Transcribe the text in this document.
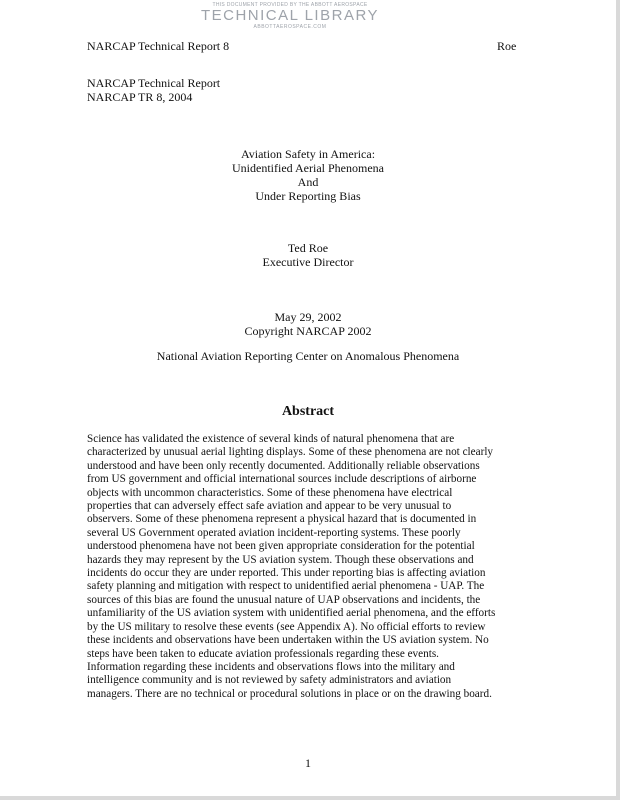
THIS DOCUMENT PROVIDED BY THE ABBOTT AEROSPACE
TECHNICAL LIBRARY
ABBOTTAEROSPACE.COM
NARCAP Technical Report 8	Roe
NARCAP Technical Report
NARCAP TR 8, 2004
Aviation Safety in America:
Unidentified Aerial Phenomena
And
Under Reporting Bias
Ted Roe
Executive Director
May 29, 2002
Copyright NARCAP 2002
National Aviation Reporting Center on Anomalous Phenomena
Abstract
Science has validated the existence of several kinds of natural phenomena that are
characterized by unusual aerial lighting displays. Some of these phenomena are not clearly
understood and have been only recently documented. Additionally reliable observations
from US government and official international sources include descriptions of airborne
objects with uncommon characteristics. Some of these phenomena have electrical
properties that can adversely effect safe aviation and appear to be very unusual to
observers. Some of these phenomena represent a physical hazard that is documented in
several US Government operated aviation incident-reporting systems. These poorly
understood phenomena have not been given appropriate consideration for the potential
hazards they may represent by the US aviation system. Though these observations and
incidents do occur they are under reported. This under reporting bias is affecting aviation
safety planning and mitigation with respect to unidentified aerial phenomena - UAP. The
sources of this bias are found the unusual nature of UAP observations and incidents, the
unfamiliarity of the US aviation system with unidentified aerial phenomena, and the efforts
by the US military to resolve these events (see Appendix A). No official efforts to review
these incidents and observations have been undertaken within the US aviation system. No
steps have been taken to educate aviation professionals regarding these events.
Information regarding these incidents and observations flows into the military and
intelligence community and is not reviewed by safety administrators and aviation
managers. There are no technical or procedural solutions in place or on the drawing board.
1
